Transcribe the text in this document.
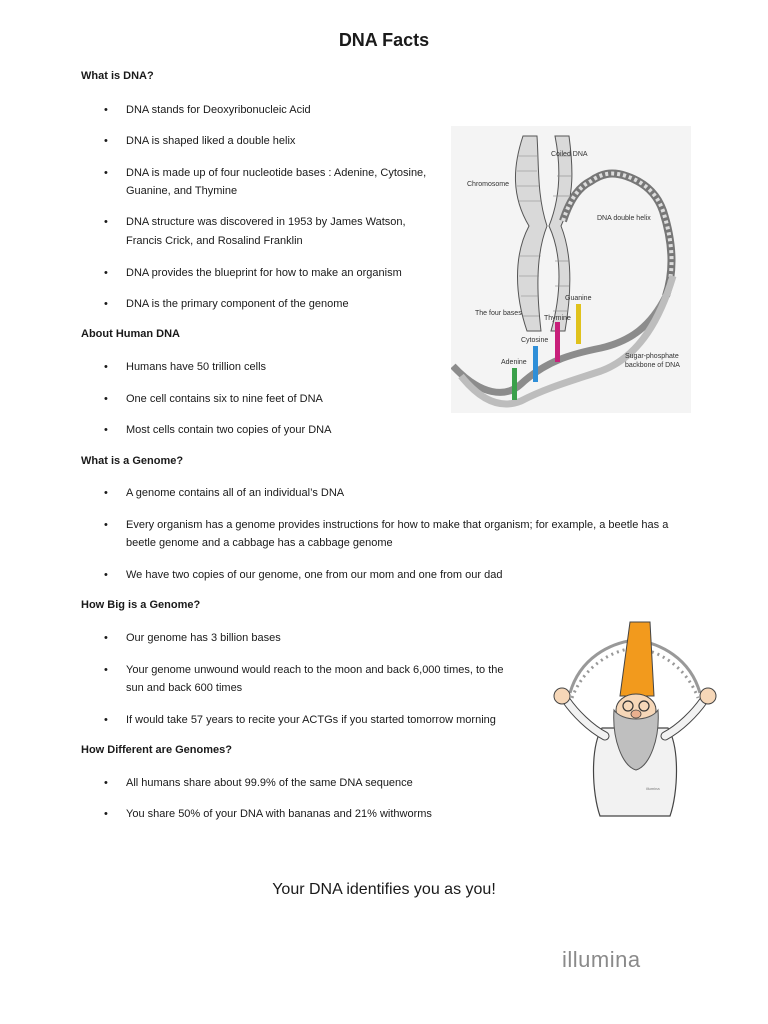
DNA Facts
What is DNA?
• DNA stands for Deoxyribonucleic Acid
• DNA is shaped liked a double helix
• DNA is made up of four nucleotide bases : Adenine, Cytosine,
Guanine, and Thymine
• DNA structure was discovered in 1953 by James Watson,
Francis Crick, and Rosalind Franklin
• DNA provides the blueprint for how to make an organism
• DNA is the primary component of the genome
About Human DNA
• Humans have 50 trillion cells
• One cell contains six to nine feet of DNA
• Most cells contain two copies of your DNA
What is a Genome?
• A genome contains all of an individual’s DNA
• Every organism has a genome provides instructions for how to make that organism; for example, a beetle has a
beetle genome and a cabbage has a cabbage genome
• We have two copies of our genome, one from our mom and one from our dad
How Big is a Genome?
• Our genome has 3 billion bases
• Your genome unwound would reach to the moon and back 6,000 times, to the
sun and back 600 times
• If would take 57 years to recite your ACTGs if you started tomorrow morning
How Different are Genomes?
• All humans share about 99.9% of the same DNA sequence
• You share 50% of your DNA with bananas and 21% withworms
Coiled DNA
Chromosome
DNA double helix
Guanine
The four bases
Thymine
Cytosine
Adenine
Sugar-phosphate
backbone of DNA
illumina
Your DNA identifies you as you!
illumina
